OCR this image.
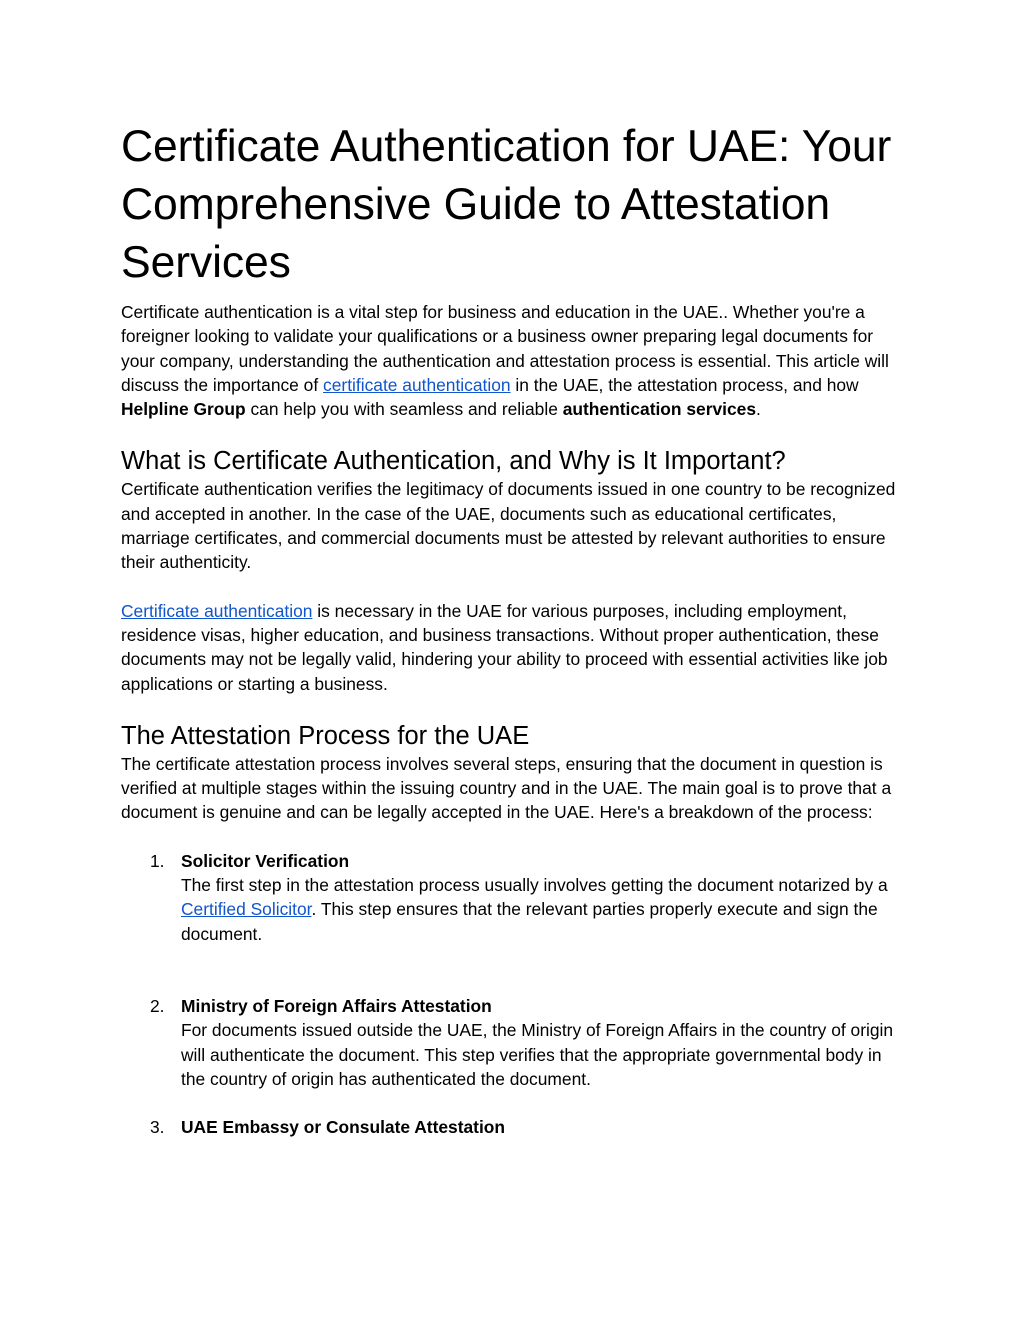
Certificate Authentication for UAE: Your Comprehensive Guide to Attestation Services

Certificate authentication is a vital step for business and education in the UAE.. Whether you're a foreigner looking to validate your qualifications or a business owner preparing legal documents for your company, understanding the authentication and attestation process is essential. This article will discuss the importance of certificate authentication in the UAE, the attestation process, and how Helpline Group can help you with seamless and reliable authentication services.

What is Certificate Authentication, and Why is It Important?

Certificate authentication verifies the legitimacy of documents issued in one country to be recognized and accepted in another. In the case of the UAE, documents such as educational certificates, marriage certificates, and commercial documents must be attested by relevant authorities to ensure their authenticity.

Certificate authentication is necessary in the UAE for various purposes, including employment, residence visas, higher education, and business transactions. Without proper authentication, these documents may not be legally valid, hindering your ability to proceed with essential activities like job applications or starting a business.

The Attestation Process for the UAE

The certificate attestation process involves several steps, ensuring that the document in question is verified at multiple stages within the issuing country and in the UAE. The main goal is to prove that a document is genuine and can be legally accepted in the UAE. Here's a breakdown of the process:

1. Solicitor Verification
The first step in the attestation process usually involves getting the document notarized by a Certified Solicitor. This step ensures that the relevant parties properly execute and sign the document.
2. Ministry of Foreign Affairs Attestation
For documents issued outside the UAE, the Ministry of Foreign Affairs in the country of origin will authenticate the document. This step verifies that the appropriate governmental body in the country of origin has authenticated the document.
3. UAE Embassy or Consulate Attestation
